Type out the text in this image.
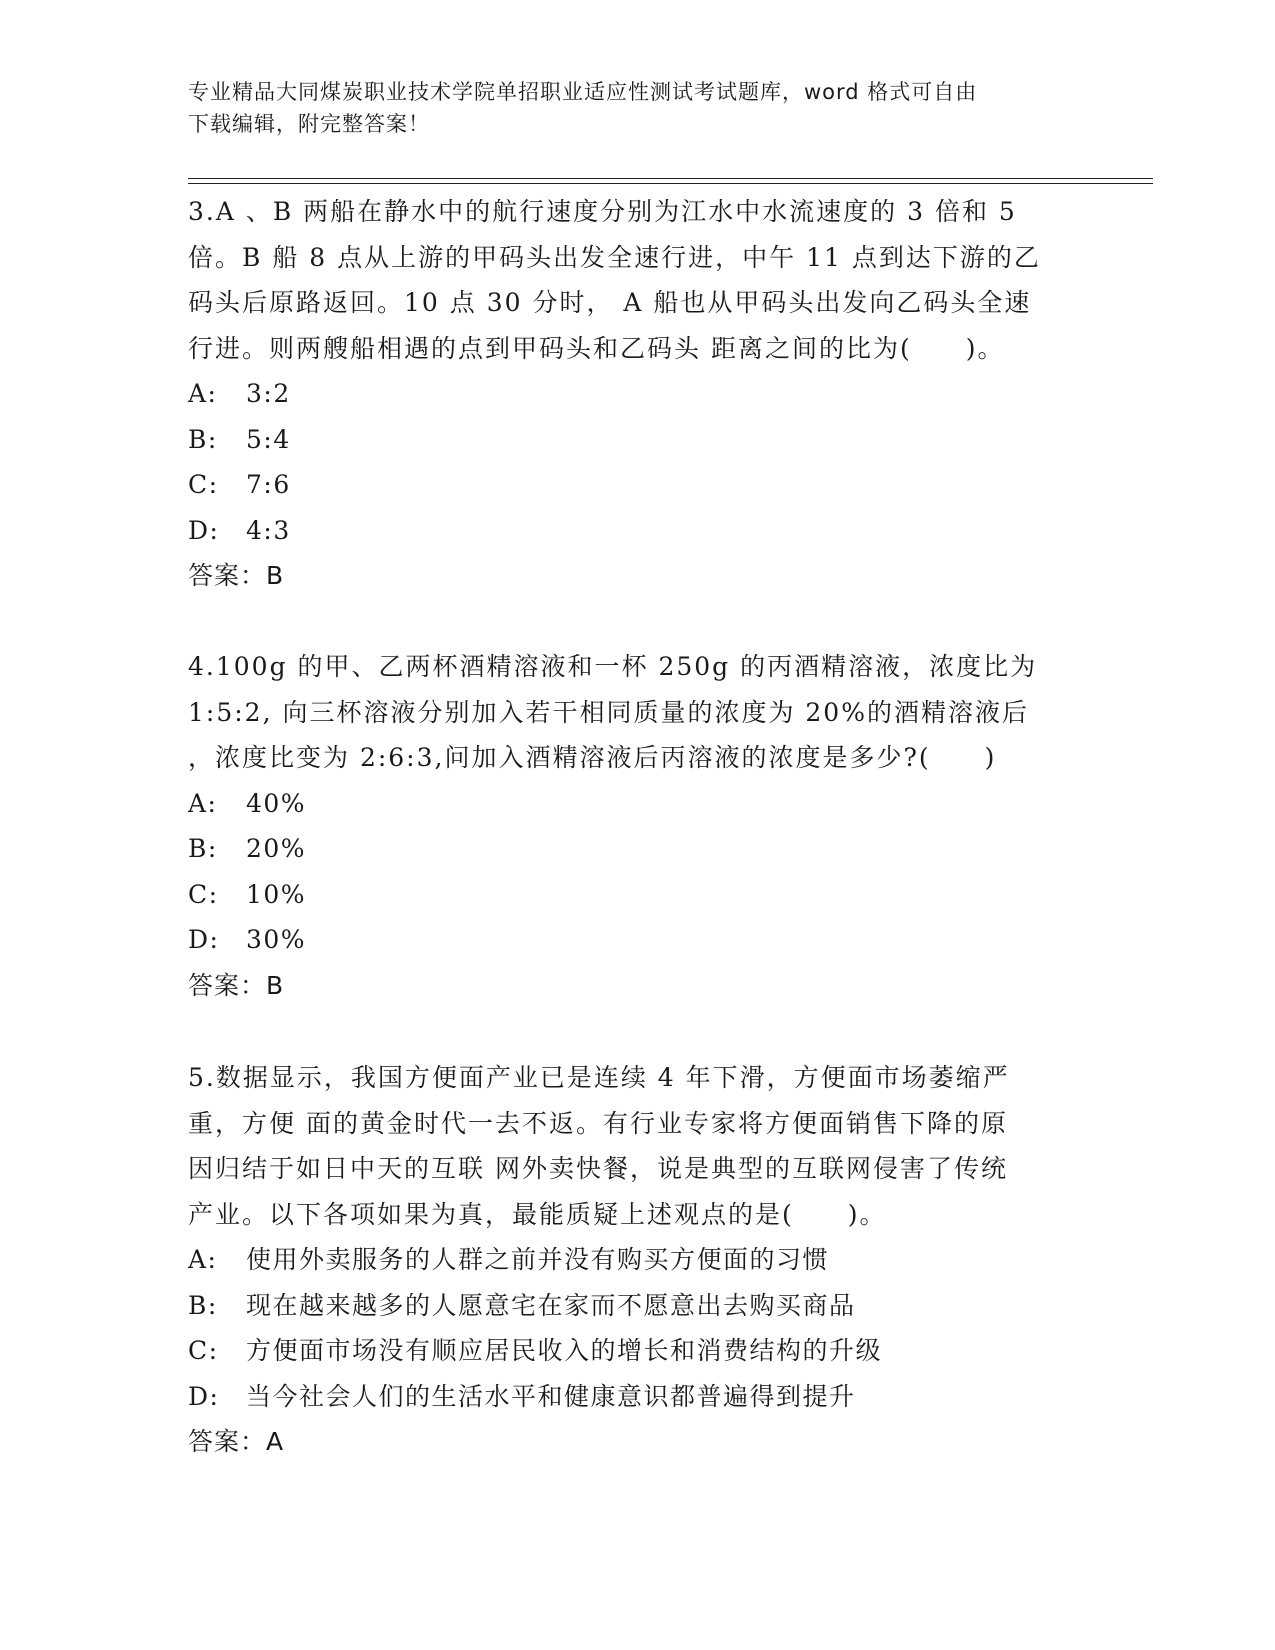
专业精品大同煤炭职业技术学院单招职业适应性测试考试题库，word 格式可自由
下载编辑，附完整答案！
3.A 、B 两船在静水中的航行速度分别为江水中水流速度的 3 倍和 5
倍。B 船 8 点从上游的甲码头出发全速行进，中午 11 点到达下游的乙
码头后原路返回。10 点 30 分时， A 船也从甲码头出发向乙码头全速
行进。则两艘船相遇的点到甲码头和乙码头 距离之间的比为(　　)。
A: 3:2
B: 5:4
C: 7:6
D: 4:3
答案：B
4.100g 的甲、乙两杯酒精溶液和一杯 250g 的丙酒精溶液，浓度比为
1:5:2, 向三杯溶液分别加入若干相同质量的浓度为 20%的酒精溶液后
，浓度比变为 2:6:3,问加入酒精溶液后丙溶液的浓度是多少?(　　)
A: 40%
B: 20%
C: 10%
D: 30%
答案：B
5.数据显示，我国方便面产业已是连续 4 年下滑，方便面市场萎缩严
重，方便 面的黄金时代一去不返。有行业专家将方便面销售下降的原
因归结于如日中天的互联 网外卖快餐，说是典型的互联网侵害了传统
产业。以下各项如果为真，最能质疑上述观点的是(　　)。
A: 使用外卖服务的人群之前并没有购买方便面的习惯
B: 现在越来越多的人愿意宅在家而不愿意出去购买商品
C: 方便面市场没有顺应居民收入的增长和消费结构的升级
D: 当今社会人们的生活水平和健康意识都普遍得到提升
答案：A
